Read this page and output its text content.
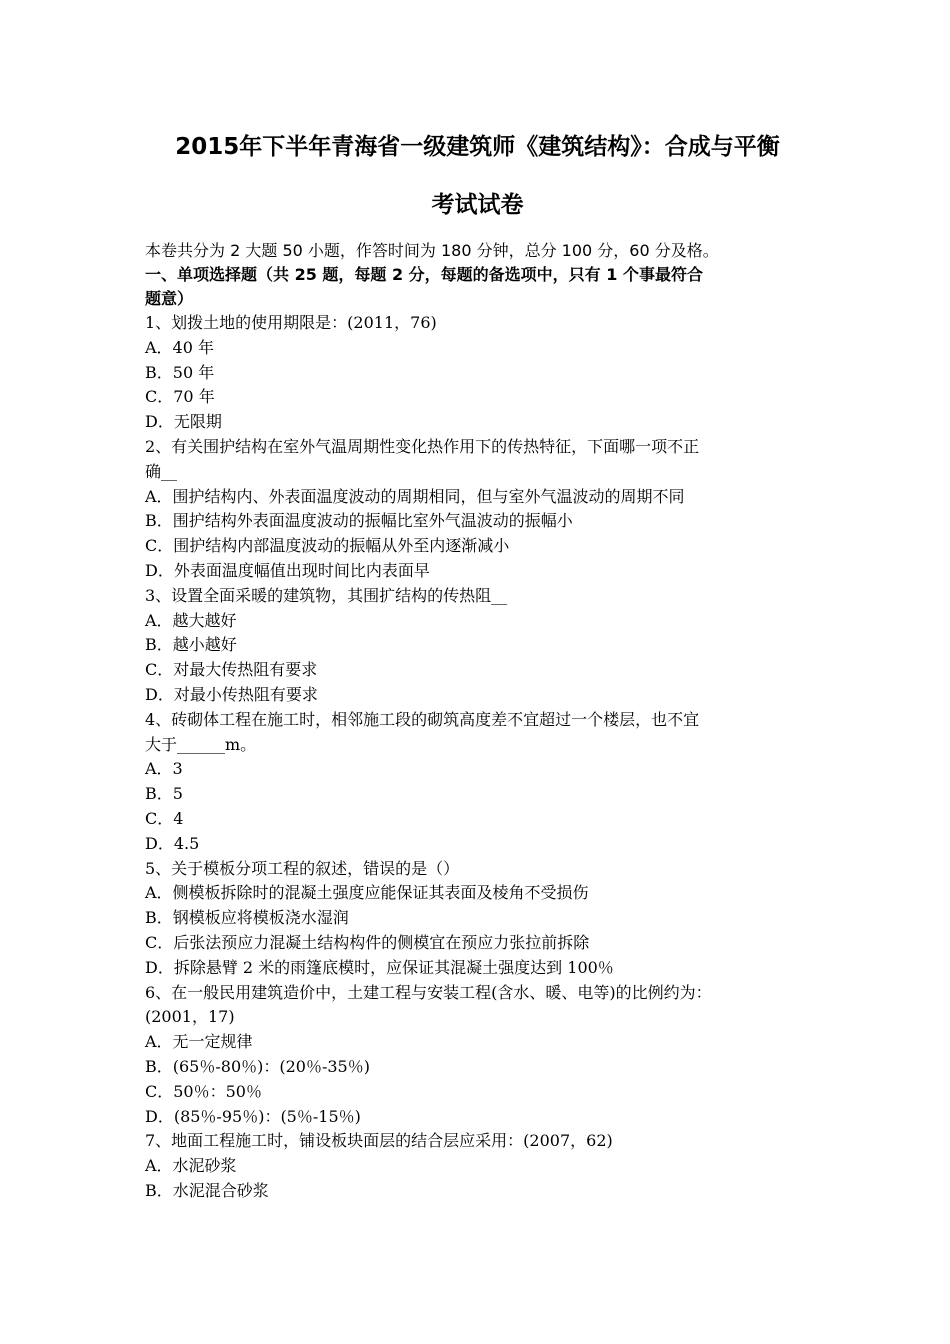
2015年下半年青海省一级建筑师《建筑结构》：合成与平衡
考试试卷
本卷共分为 2 大题 50 小题，作答时间为 180 分钟，总分 100 分，60 分及格。
一、单项选择题（共 25 题，每题 2 分，每题的备选项中，只有 1 个事最符合
题意）
1、划拨土地的使用期限是：(2011，76)
A．40 年
B．50 年
C．70 年
D．无限期
2、有关围护结构在室外气温周期性变化热作用下的传热特征，下面哪一项不正
确__
A．围护结构内、外表面温度波动的周期相同，但与室外气温波动的周期不同
B．围护结构外表面温度波动的振幅比室外气温波动的振幅小
C．围护结构内部温度波动的振幅从外至内逐渐减小
D．外表面温度幅值出现时间比内表面早
3、设置全面采暖的建筑物，其围扩结构的传热阻__
A．越大越好
B．越小越好
C．对最大传热阻有要求
D．对最小传热阻有要求
4、砖砌体工程在施工时，相邻施工段的砌筑高度差不宜超过一个楼层，也不宜
大于______m。
A．3
B．5
C．4
D．4.5
5、关于模板分项工程的叙述，错误的是（）
A．侧模板拆除时的混凝土强度应能保证其表面及棱角不受损伤
B．钢模板应将模板浇水湿润
C．后张法预应力混凝土结构构件的侧模宜在预应力张拉前拆除
D．拆除悬臂 2 米的雨篷底模时，应保证其混凝土强度达到 100％
6、在一般民用建筑造价中，土建工程与安装工程(含水、暖、电等)的比例约为：
(2001，17)
A．无一定规律
B．(65％-80％)：(20％-35％)
C．50％：50％
D．(85％-95％)：(5％-15％)
7、地面工程施工时，铺设板块面层的结合层应采用：(2007，62)
A．水泥砂浆
B．水泥混合砂浆
